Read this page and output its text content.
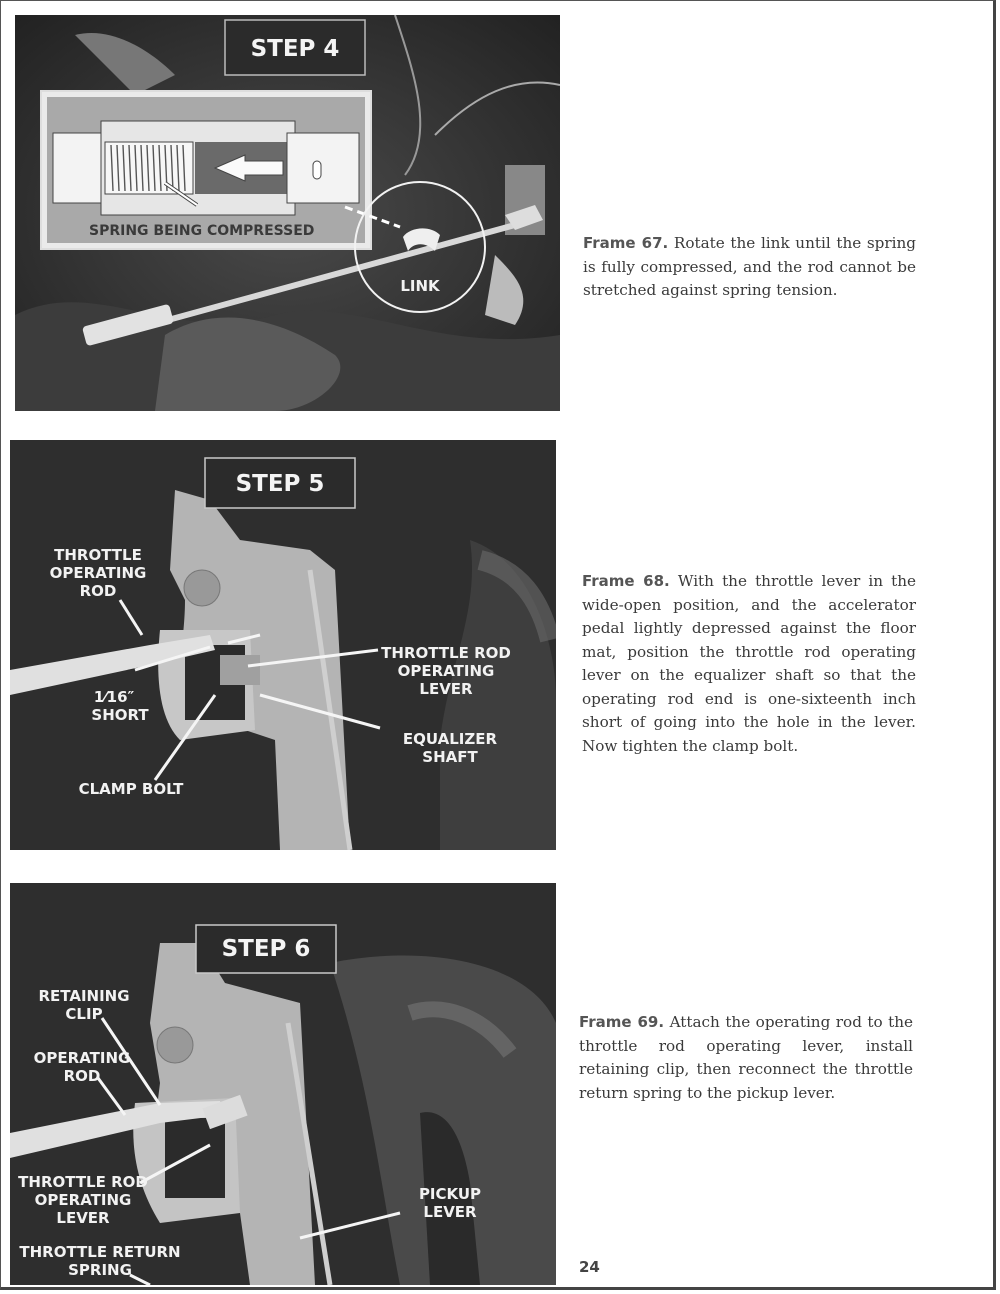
STEP 4
SPRING BEING COMPRESSED
LINK
Frame 67. Rotate the link until the spring is fully compressed, and the rod cannot be stretched against spring tension.
STEP 5
THROTTLE
OPERATING
ROD
1⁄16″
SHORT
THROTTLE ROD
OPERATING
LEVER
EQUALIZER
SHAFT
CLAMP BOLT
Frame 68. With the throttle lever in the wide-open position, and the accelerator pedal lightly depressed against the floor mat, position the throttle rod operating lever on the equalizer shaft so that the operating rod end is one-sixteenth inch short of going into the hole in the lever. Now tighten the clamp bolt.
STEP 6
RETAINING
CLIP
OPERATING
ROD
THROTTLE ROD
OPERATING
LEVER
PICKUP
LEVER
THROTTLE RETURN
SPRING
Frame 69. Attach the operating rod to the throttle rod operating lever, install retaining clip, then reconnect the throttle return spring to the pickup lever.
24
